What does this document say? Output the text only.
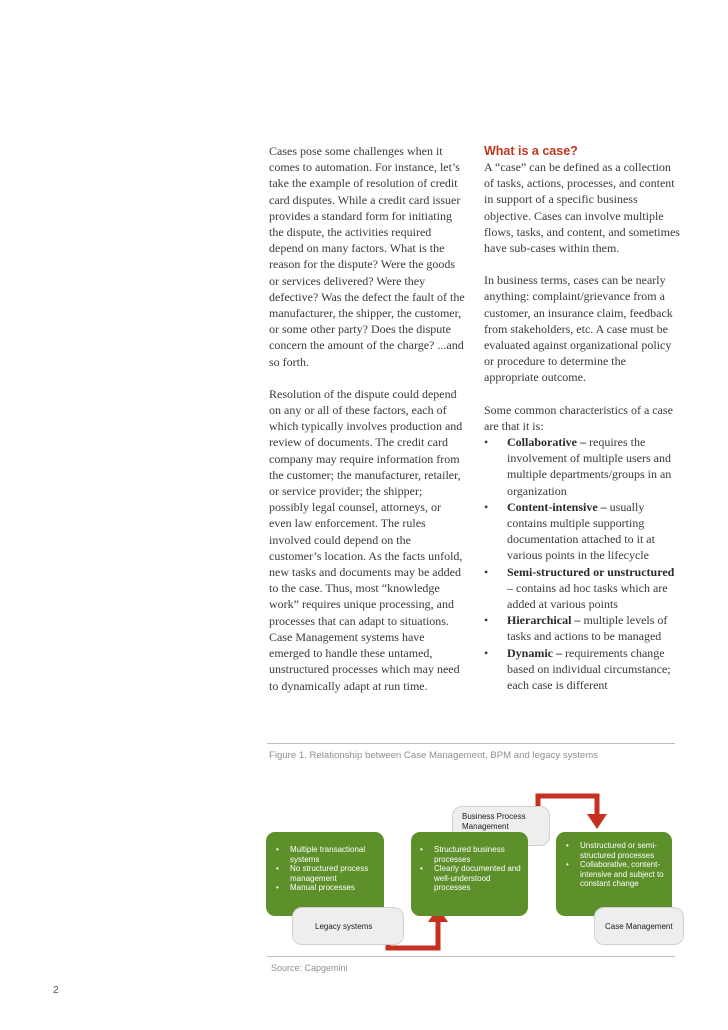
Cases pose some challenges when it comes to automation. For instance, let’s take the example of resolution of credit card disputes. While a credit card issuer provides a standard form for initiating the dispute, the activities required depend on many factors. What is the reason for the dispute? Were the goods or services delivered? Were they defective? Was the defect the fault of the manufacturer, the shipper, the customer, or some other party? Does the dispute concern the amount of the charge? ...and so forth.

Resolution of the dispute could depend on any or all of these factors, each of which typically involves production and review of documents. The credit card company may require information from the customer; the manufacturer, retailer, or service provider; the shipper; possibly legal counsel, attorneys, or even law enforcement. The rules involved could depend on the customer’s location. As the facts unfold, new tasks and documents may be added to the case. Thus, most “knowledge work” requires unique processing, and processes that can adapt to situations. Case Management systems have emerged to handle these untamed, unstructured processes which may need to dynamically adapt at run time.

What is a case?

A “case” can be defined as a collection of tasks, actions, processes, and content in support of a specific business objective. Cases can involve multiple flows, tasks, and content, and sometimes have sub-cases within them.

In business terms, cases can be nearly anything: complaint/grievance from a customer, an insurance claim, feedback from stakeholders, etc. A case must be evaluated against organizational policy or procedure to determine the appropriate outcome.

Some common characteristics of a case are that it is:
• Collaborative – requires the involvement of multiple users and multiple departments/groups in an organization
• Content-intensive – usually contains multiple supporting documentation attached to it at various points in the lifecycle
• Semi-structured or unstructured – contains ad hoc tasks which are added at various points
• Hierarchical – multiple levels of tasks and actions to be managed
• Dynamic – requirements change based on individual circumstance; each case is different
Figure 1. Relationship between Case Management, BPM and legacy systems
• Multiple transactional systems
• No structured process management
• Manual processes
Legacy systems
Business Process Management
• Structured business processes
• Clearly documented and well-understood processes
• Unstructured or semi-structured processes
• Collaborative, content-intensive and subject to constant change
Case Management
Source: Capgemini
2
